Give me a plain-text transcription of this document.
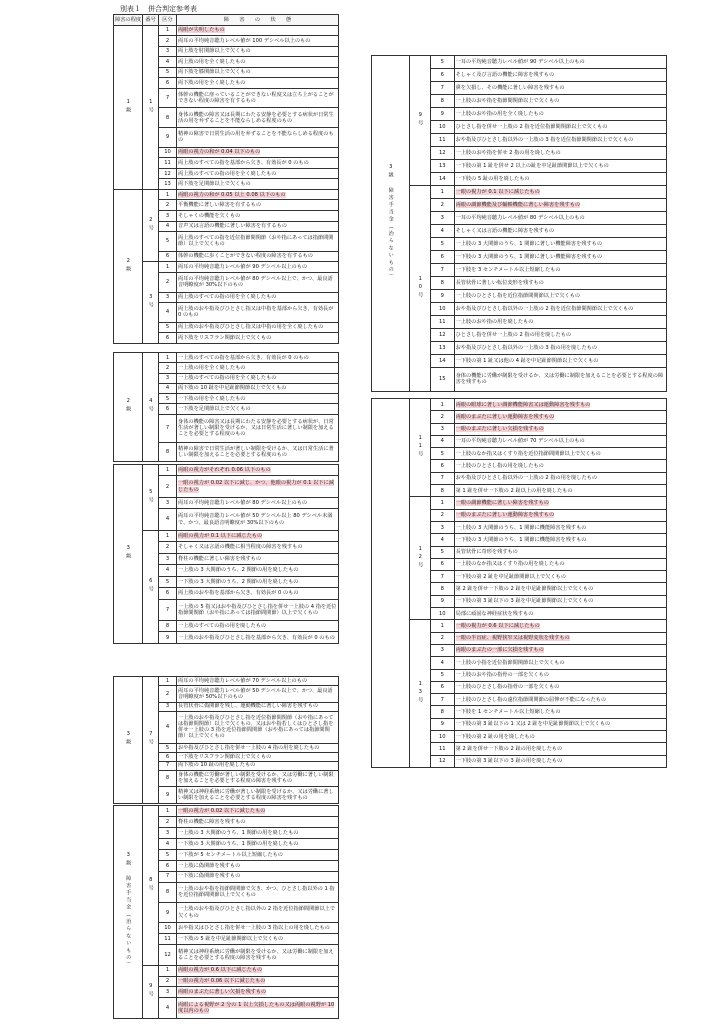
別表１　併合判定参考表
障害の程度	番号	区分	障　　害　　の　　状　　態
1級	1号	1	両眼が失明したもの
		2	両耳の平均純音聴力レベル値が 100 デシベル以上のもの
		3	両上肢を肘関節以上で欠くもの
		4	両上肢の用を全く廃したもの
		5	両下肢を膝関節以上で欠くもの
		6	両下肢の用を全く廃したもの
		7	体幹の機能に座っていることができない程度又は立ち上がることができない程度の障害を有するもの
		8	身体の機能の障害又は長期にわたる安静を必要とする病状が日常生活の用を弁ずることを不能ならしめる程度のもの
		9	精神の障害で日常生活の用を弁ずることを不能ならしめる程度のもの
		10	両眼の視力の和が 0.04 以下のもの
		11	両上肢のすべての指を基部から欠き、有効長が 0 のもの
		12	両上肢のすべての指の用を全く廃したもの
		13	両下肢を足関節以上で欠くもの
2級	2号	1	両眼の視力の和が 0.05 以上 0.08 以下のもの
		2	平衡機能に著しい障害を有するもの
		3	そしゃくの機能を欠くもの
		4	音声又は言語の機能に著しい障害を有するもの
		5	両上肢のすべての指を近位指節間関節（おや指にあっては指節間関節）以上で欠くもの
		6	体幹の機能に歩くことができない程度の障害を有するもの
	3号	1	両耳の平均純音聴力レベル値が 90 デシベル以上のもの
		2	両耳の平均純音聴力レベル値が 80 デシベル以上で、かつ、最良語音明瞭度が 30%以下のもの
		3	両上肢のすべての指の用を全く廃したもの
		4	両上肢のおや指及びひとさし指又は中指を基部から欠き、有効長が 0 のもの
		5	両上肢のおや指及びひとさし指又は中指の用を全く廃したもの
		6	両下肢をリスフラン関節以上で欠くもの
2級	4号	1	一上肢のすべての指を基部から欠き、有効長が 0 のもの
		2	一上肢の用を全く廃したもの
		3	一上肢のすべての指の用を全く廃したもの
		4	両下肢の 10 趾を中足趾節関節以上で欠くもの
		5	一下肢の用を全く廃したもの
		6	一下肢を足関節以上で欠くもの
		7	身体の機能の障害又は長期にわたる安静を必要とする病状が、日常生活が著しい制限を受けるか、又は日常生活に著しい制限を加えることを必要とする程度のもの
		8	精神の障害で日常生活が著しい制限を受けるか、又は日常生活に著しい制限を加えることを必要とする程度のもの
3級	5号	1	両眼の視力がそれぞれ 0.06 以下のもの
		2	一眼の視力が 0.02 以下に減じ、かつ、他眼の視力が 0.1 以下に減じたもの
		3	両耳の平均純音聴力レベル値が 80 デシベル以上のもの
		4	両耳の平均純音聴力レベル値が 50 デシベル以上 80 デシベル未満で、かつ、最良語音明瞭度が 30%以下のもの
	6号	1	両眼の視力が 0.1 以下に減じたもの
		2	そしゃく又は言語の機能に相当程度の障害を残すもの
		3	脊柱の機能に著しい障害を残すもの
		4	一上肢の 3 大関節のうち、2 関節の用を廃したもの
		5	一下肢の 3 大関節のうち、2 関節の用を廃したもの
		6	両上肢のおや指を基部から欠き、有効長が 0 のもの
		7	一上肢の 5 指又はおや指及びひとさし指を併せ一上肢の 4 指を近位指節間関節（おや指にあっては指節間関節）以上で欠くもの
		8	一上肢のすべての指の用を廃したもの
		9	一上肢のおや指及びひとさし指を基部から欠き、有効長が 0 のもの
3級	7号	1	両耳の平均純音聴力レベル値が 70 デシベル以上のもの
		2	両耳の平均純音聴力レベル値が 50 デシベル以上で、かつ、最良語音明瞭度が 50%以下のもの
		3	長管状骨に偽関節を残し、運動機能に著しい障害を残すもの
		4	一上肢のおや指及びひとさし指を近位指節間関節（おや指にあっては指節間関節）以上で欠くもの、又はおや指若しくはひとさし指を併せ一上肢の 3 指を近位指節間関節（おや指にあっては指節間関節）以上で欠くもの
		5	おや指及びひとさし指を併せ一上肢の 4 指の用を廃したもの
		6	一下肢をリスフラン関節以上で欠くもの
		7	両下肢の 10 趾の用を廃したもの
		8	身体の機能に労働が著しい制限を受けるか、又は労働に著しい制限を加えることを必要とする程度の障害を残すもの
		9	精神又は神経系統に労働が著しい制限を受けるか、又は労働に著しい制限を加えることを必要とする程度の障害を残すもの
3級 障害手当金（治らないもの）	8号	1	一眼の視力が 0.02 以下に減じたもの
		2	脊柱の機能に障害を残すもの
		3	一上肢の 3 大関節のうち、1 関節の用を廃したもの
		4	一下肢の 3 大関節のうち、1 関節の用を廃したもの
		5	一下肢が 5 センチメートル以上短縮したもの
		6	一上肢に偽関節を残すもの
		7	一下肢に偽関節を残すもの
		8	一上肢のおや指を指節間関節で欠き、かつ、ひとさし指以外の 1 指を近位指節間関節以上で欠くもの
		9	一上肢のおや指及びひとさし指以外の 2 指を近位指節間関節以上で欠くもの
		10	おや指又はひとさし指を併せ一上肢の 3 指以上の用を廃したもの
		11	一下肢の 5 趾を中足趾節関節以上で欠くもの
		12	精神又は神経系統に労働が制限を受けるか、又は労働に制限を加えることを必要とする程度の障害を残すもの
	9号	1	両眼の視力が 0.6 以下に減じたもの
		2	一眼の視力が 0.06 以下に減じたもの
		3	両眼のまぶたに著しい欠損を残すもの
		4	両眼による視野が 2 分の 1 以上欠損したもの又は両眼の視野が 10 度以内のもの
3級 障害手当金（治らないもの）	9号	5	一耳の平均純音聴力レベル値が 90 デシベル以上のもの
		6	そしゃく及び言語の機能に障害を残すもの
		7	鼻を欠損し、その機能に著しい障害を残すもの
		8	一上肢のおや指を指節間関節以上で欠くもの
		9	一上肢のおや指の用を全く廃したもの
		10	ひとさし指を併せ一上肢の 2 指を近位指節間関節以上で欠くもの
		11	おや指及びひとさし指以外の一上肢の 3 指を近位指節間関節以上で欠くもの
		12	一上肢のおや指を併せ 2 指の用を廃したもの
		13	一下肢の第 1 趾を併せ 2 以上の趾を中足趾節関節以上で欠くもの
		14	一下肢の 5 趾の用を廃したもの
	10号	1	一眼の視力が 0.1 以下に減じたもの
		2	両眼の調節機能及び輻輳機能に著しい障害を残すもの
		3	一耳の平均純音聴力レベル値が 80 デシベル以上のもの
		4	そしゃく又は言語の機能に障害を残すもの
		5	一上肢の 3 大関節のうち、1 関節に著しい機能障害を残すもの
		6	一下肢の 3 大関節のうち、1 関節に著しい機能障害を残すもの
		7	一下肢を 3 センチメートル以上短縮したもの
		8	長管状骨に著しい転位変形を残すもの
		9	一上肢のひとさし指を近位指節間関節以上で欠くもの
		10	おや指及びひとさし指以外の一上肢の 2 指を近位指節間関節以上で欠くもの
		11	一上肢のおや指の用を廃したもの
		12	ひとさし指を併せ一上肢の 2 指の用を廃したもの
		13	おや指及びひとさし指以外の一上肢の 3 指の用を廃したもの
		14	一下肢の第 1 趾又は他の 4 趾を中足趾節関節以上で欠くもの
		15	身体の機能に労働が制限を受けるか、又は労働に制限を加えることを必要とする程度の障害を残すもの
	11号	1	両眼の眼球に著しい調節機能障害又は運動障害を残すもの
		2	両眼のまぶたに著しい運動障害を残すもの
		3	一眼のまぶたに著しい欠損を残すもの
		4	一耳の平均純音聴力レベル値が 70 デシベル以上のもの
		5	一上肢のなか指又はくすり指を近位指節間関節以上で欠くもの
		6	一上肢のひとさし指の用を廃したもの
		7	おや指及びひとさし指以外の一上肢の 2 指の用を廃したもの
		8	第 1 趾を併せ一下肢の 2 趾以上の用を廃したもの
	12号	1	一眼の調節機能に著しい障害を残すもの
		2	一眼のまぶたに著しい運動障害を残すもの
		3	一上肢の 3 大関節のうち、1 関節に機能障害を残すもの
		4	一下肢の 3 大関節のうち、1 関節に機能障害を残すもの
		5	長管状骨に奇形を残すもの
		6	一上肢のなか指又はくすり指の用を廃したもの
		7	一下肢の第 2 趾を中足趾節関節以上で欠くもの
		8	第 2 趾を併せ一下肢の 2 趾を中足趾節関節以上で欠くもの
		9	一下肢の第 3 趾以下の 3 趾を中足趾節関節以上で欠くもの
		10	局部に頑固な神経症状を残すもの
	13号	1	一眼の視力が 0.6 以下に減じたもの
		2	一眼の半盲症、視野狭窄又は視野変状を残すもの
		3	両眼のまぶたの一部に欠損を残すもの
		4	一上肢の小指を近位指節間関節以上で欠くもの
		5	一上肢のおや指の指骨の一部を欠くもの
		6	一上肢のひとさし指の指骨の一部を欠くもの
		7	一上肢のひとさし指の遠位指節間関節の屈伸が不能になったもの
		8	一下肢を 1 センチメートル以上短縮したもの
		9	一下肢の第 3 趾以下の 1 又は 2 趾を中足趾節関節以上で欠くもの
		10	一下肢の第 2 趾の用を廃したもの
		11	第 2 趾を併せ一下肢の 2 趾の用を廃したもの
		12	一下肢の第 3 趾以下の 3 趾の用を廃したもの
